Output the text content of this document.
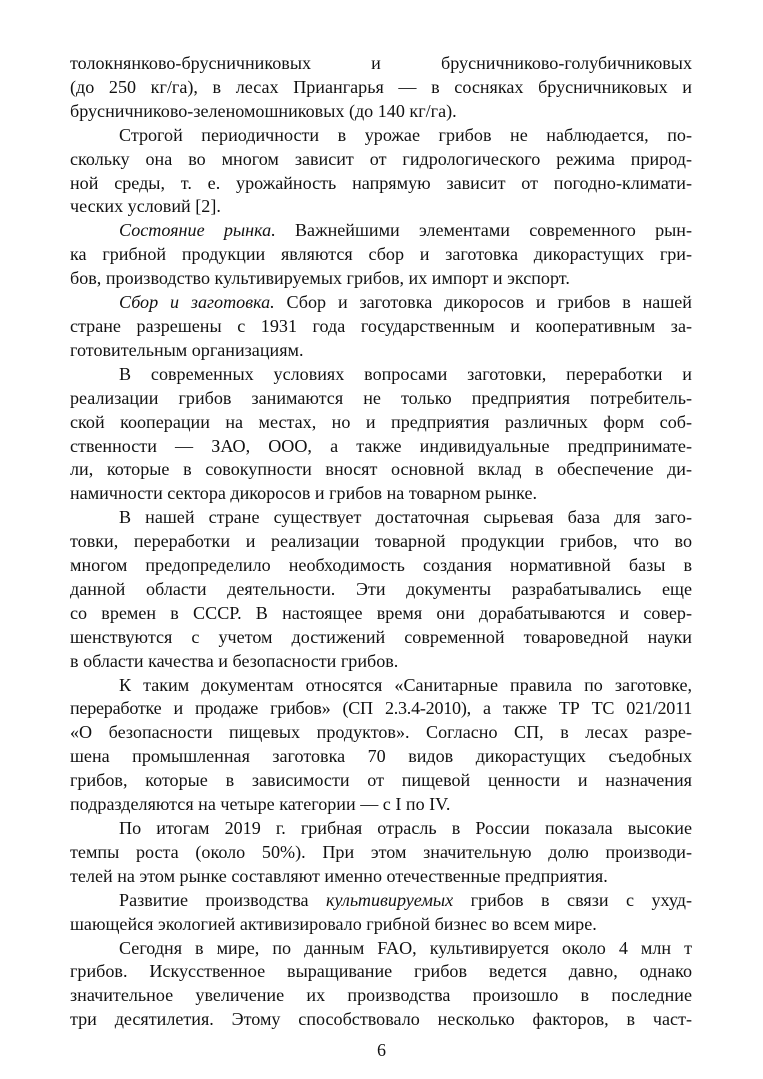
толокнянково-брусничниковых и брусничниково-голубичниковых
(до 250 кг/га), в лесах Приангарья — в сосняках брусничниковых и
брусничниково-зеленомошниковых (до 140 кг/га).
Строгой периодичности в урожае грибов не наблюдается, по-
скольку она во многом зависит от гидрологического режима природ-
ной среды, т. е. урожайность напрямую зависит от погодно-климати-
ческих условий [2].
Состояние рынка. Важнейшими элементами современного рын-
ка грибной продукции являются сбор и заготовка дикорастущих гри-
бов, производство культивируемых грибов, их импорт и экспорт.
Сбор и заготовка. Сбор и заготовка дикоросов и грибов в нашей
стране разрешены с 1931 года государственным и кооперативным за-
готовительным организациям.
В современных условиях вопросами заготовки, переработки и
реализации грибов занимаются не только предприятия потребитель-
ской кооперации на местах, но и предприятия различных форм соб-
ственности — ЗАО, ООО, а также индивидуальные предпринимате-
ли, которые в совокупности вносят основной вклад в обеспечение ди-
намичности сектора дикоросов и грибов на товарном рынке.
В нашей стране существует достаточная сырьевая база для заго-
товки, переработки и реализации товарной продукции грибов, что во
многом предопределило необходимость создания нормативной базы в
данной области деятельности. Эти документы разрабатывались еще
со времен в СССР. В настоящее время они дорабатываются и совер-
шенствуются с учетом достижений современной товароведной науки
в области качества и безопасности грибов.
К таким документам относятся «Санитарные правила по заготовке,
переработке и продаже грибов» (СП 2.3.4-2010), а также ТР ТС 021/2011
«О безопасности пищевых продуктов». Согласно СП, в лесах разре-
шена промышленная заготовка 70 видов дикорастущих съедобных
грибов, которые в зависимости от пищевой ценности и назначения
подразделяются на четыре категории — с I по IV.
По итогам 2019 г. грибная отрасль в России показала высокие
темпы роста (около 50%). При этом значительную долю производи-
телей на этом рынке составляют именно отечественные предприятия.
Развитие производства культивируемых грибов в связи с ухуд-
шающейся экологией активизировало грибной бизнес во всем мире.
Сегодня в мире, по данным FAO, культивируется около 4 млн т
грибов. Искусственное выращивание грибов ведется давно, однако
значительное увеличение их производства произошло в последние
три десятилетия. Этому способствовало несколько факторов, в част-
6
